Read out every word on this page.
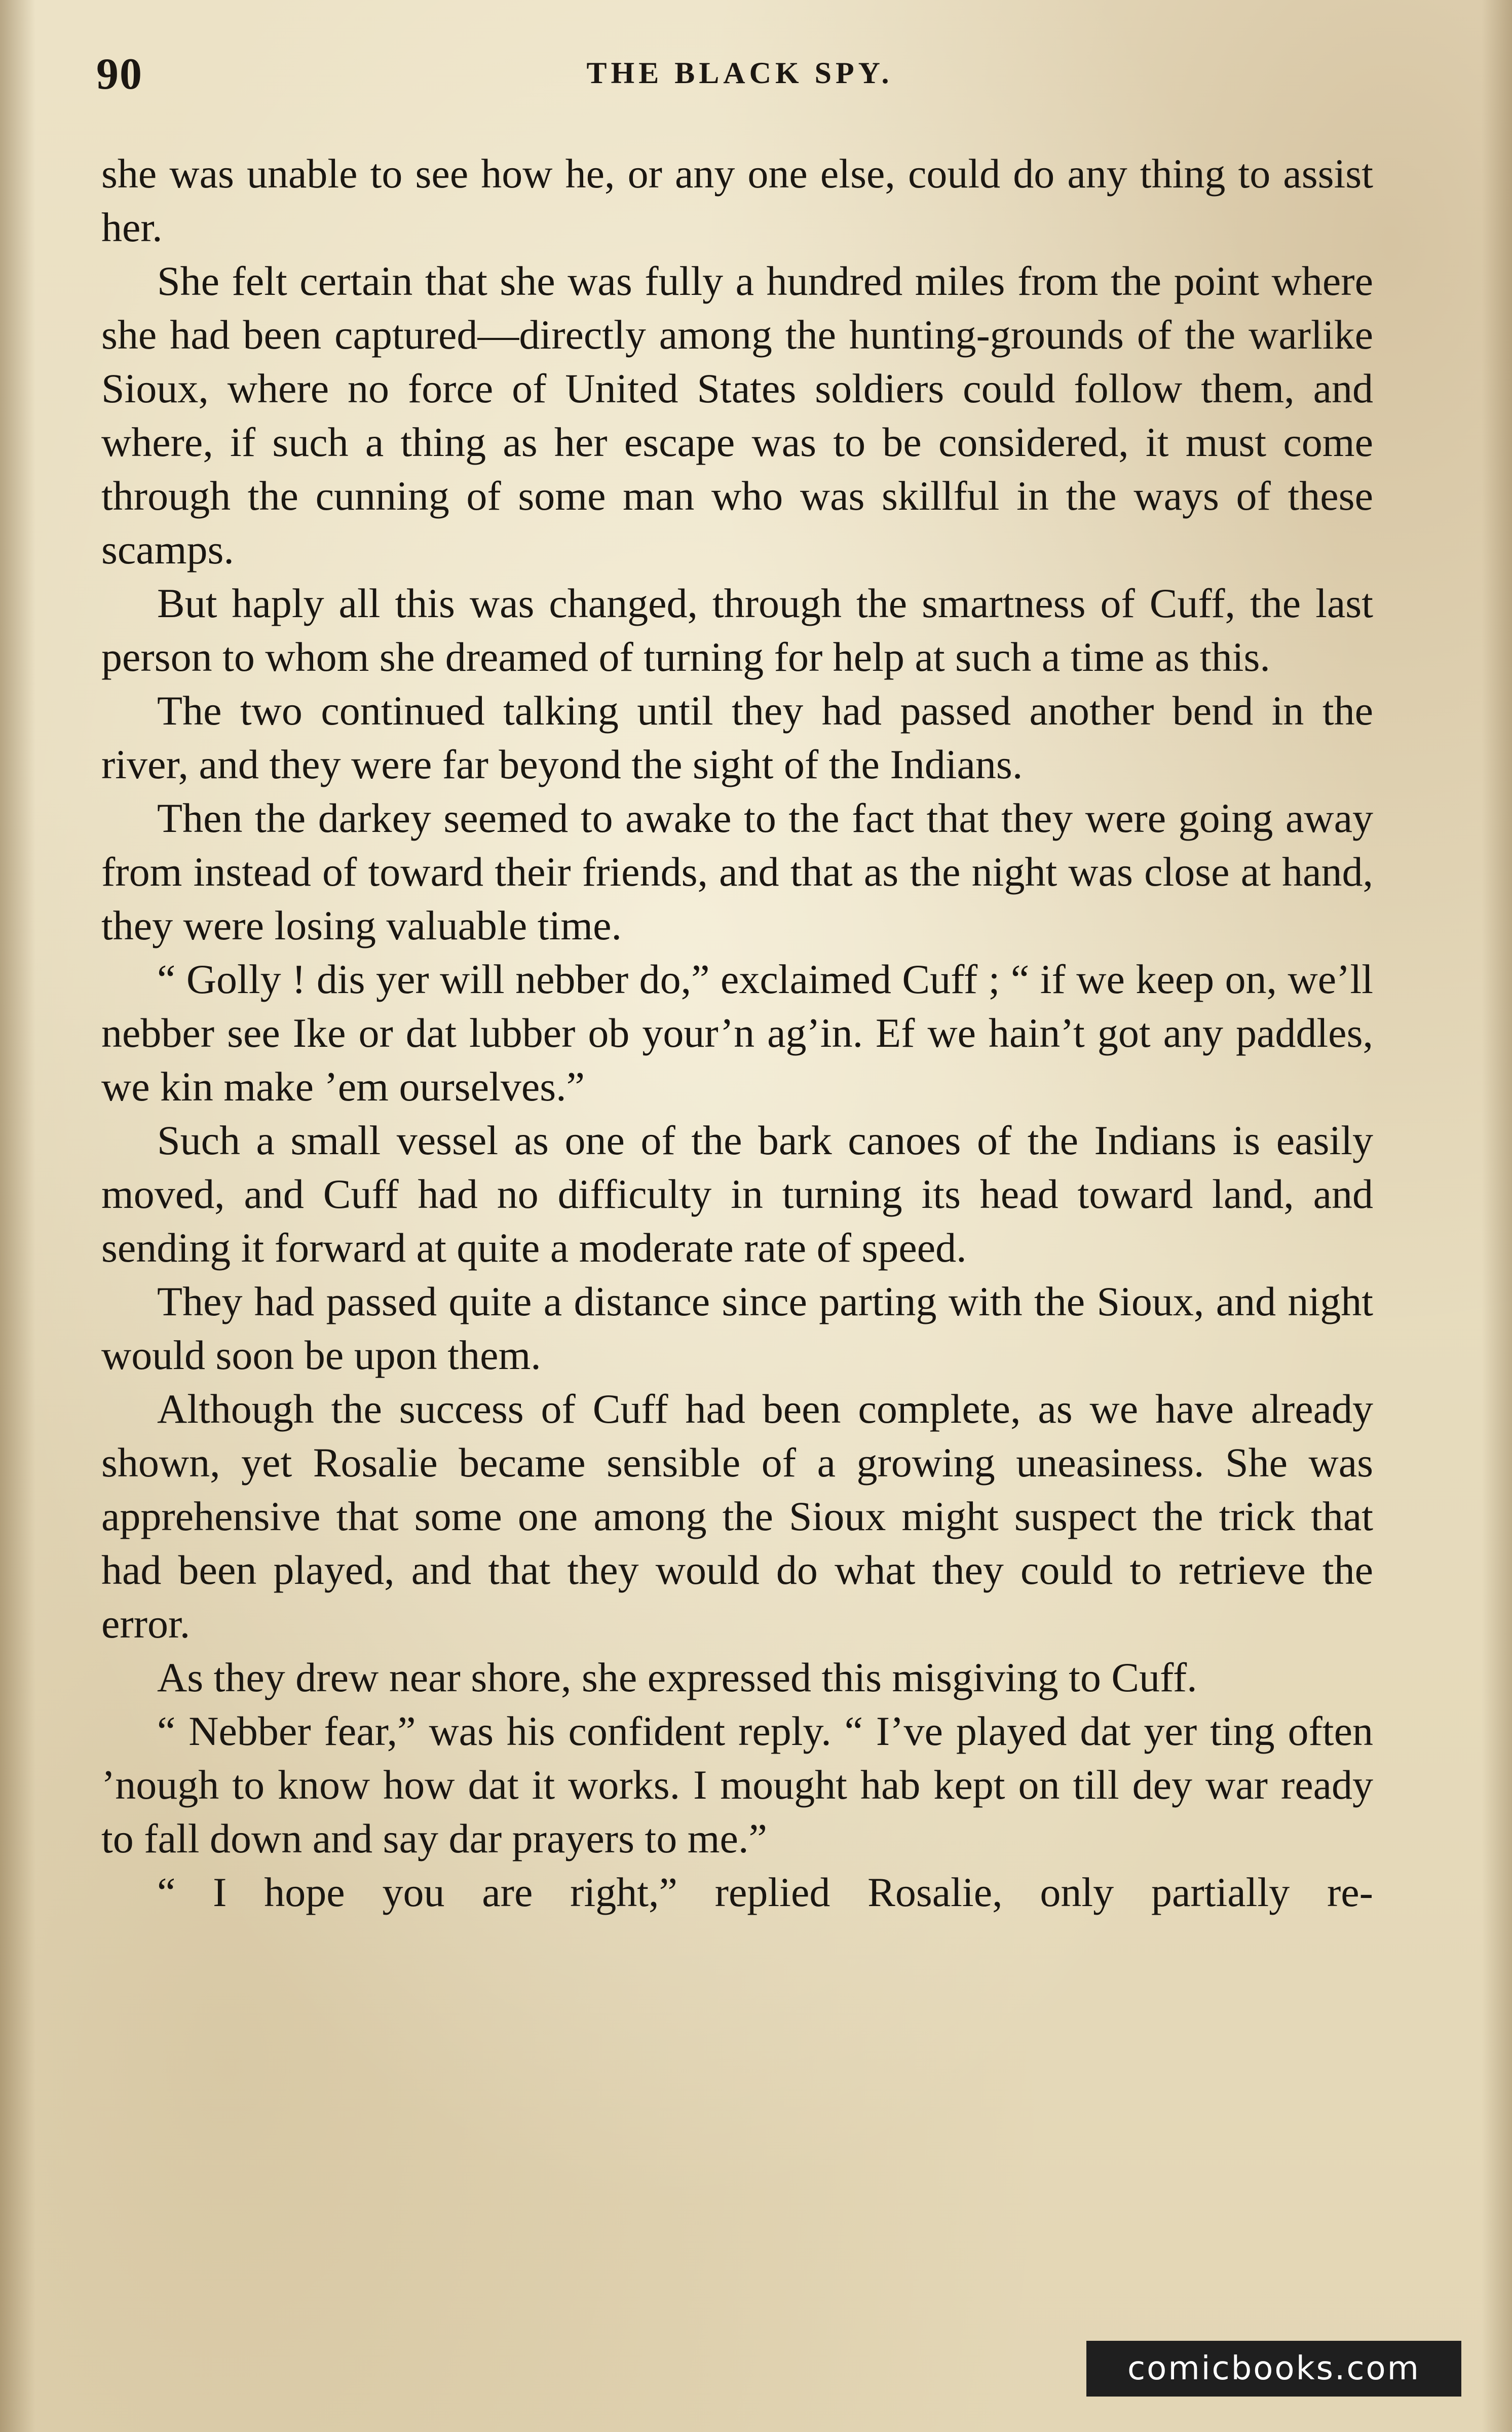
90	THE BLACK SPY.

she was unable to see how he, or any one else, could do any thing to assist her.

She felt certain that she was fully a hundred miles from the point where she had been captured—directly among the hunting-grounds of the warlike Sioux, where no force of United States soldiers could follow them, and where, if such a thing as her escape was to be considered, it must come through the cunning of some man who was skillful in the ways of these scamps.

But haply all this was changed, through the smartness of Cuff, the last person to whom she dreamed of turning for help at such a time as this.

The two continued talking until they had passed another bend in the river, and they were far beyond the sight of the Indians.

Then the darkey seemed to awake to the fact that they were going away from instead of toward their friends, and that as the night was close at hand, they were losing valuable time.

“ Golly ! dis yer will nebber do,” exclaimed Cuff ; “ if we keep on, we’ll nebber see Ike or dat lubber ob your’n ag’in. Ef we hain’t got any paddles, we kin make ’em ourselves.”

Such a small vessel as one of the bark canoes of the Indians is easily moved, and Cuff had no difficulty in turning its head toward land, and sending it forward at quite a moderate rate of speed.

They had passed quite a distance since parting with the Sioux, and night would soon be upon them.

Although the success of Cuff had been complete, as we have already shown, yet Rosalie became sensible of a growing uneasiness. She was apprehensive that some one among the Sioux might suspect the trick that had been played, and that they would do what they could to retrieve the error.

As they drew near shore, she expressed this misgiving to Cuff.

“ Nebber fear,” was his confident reply. “ I’ve played dat yer ting often ’nough to know how dat it works. I mought hab kept on till dey war ready to fall down and say dar prayers to me.”

“ I hope you are right,” replied Rosalie, only partially re-

comicbooks.com
